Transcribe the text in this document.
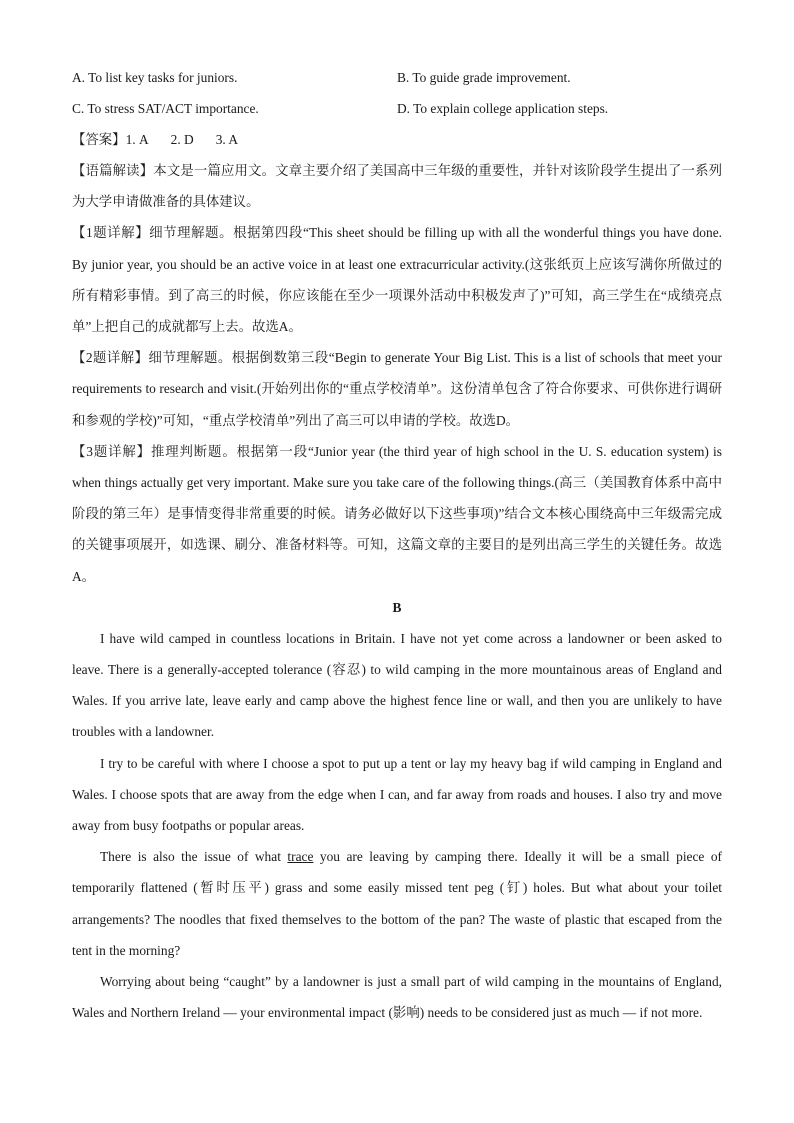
A. To list key tasks for juniors.	B. To guide grade improvement.
C. To stress SAT/ACT importance.	D. To explain college application steps.
【答案】1. A 2. D 3. A
【语篇解读】本文是一篇应用文。文章主要介绍了美国高中三年级的重要性，并针对该阶段学生提出了一系列为大学申请做准备的具体建议。
【1题详解】细节理解题。根据第四段“This sheet should be filling up with all the wonderful things you have done. By junior year, you should be an active voice in at least one extracurricular activity.(这张纸页上应该写满你所做过的所有精彩事情。到了高三的时候，你应该能在至少一项课外活动中积极发声了)”可知，高三学生在“成绩亮点单”上把自己的成就都写上去。故选A。
【2题详解】细节理解题。根据倒数第三段“Begin to generate Your Big List. This is a list of schools that meet your requirements to research and visit.(开始列出你的“重点学校清单”。这份清单包含了符合你要求、可供你进行调研和参观的学校)”可知，“重点学校清单”列出了高三可以申请的学校。故选D。
【3题详解】推理判断题。根据第一段“Junior year (the third year of high school in the U. S. education system) is when things actually get very important. Make sure you take care of the following things.(高三（美国教育体系中高中阶段的第三年）是事情变得非常重要的时候。请务必做好以下这些事项)”结合文本核心围绕高中三年级需完成的关键事项展开，如选课、刷分、准备材料等。可知，这篇文章的主要目的是列出高三学生的关键任务。故选A。
B
I have wild camped in countless locations in Britain. I have not yet come across a landowner or been asked to leave. There is a generally-accepted tolerance (容忍) to wild camping in the more mountainous areas of England and Wales. If you arrive late, leave early and camp above the highest fence line or wall, and then you are unlikely to have troubles with a landowner.
I try to be careful with where I choose a spot to put up a tent or lay my heavy bag if wild camping in England and Wales. I choose spots that are away from the edge when I can, and far away from roads and houses. I also try and move away from busy footpaths or popular areas.
There is also the issue of what trace you are leaving by camping there. Ideally it will be a small piece of temporarily flattened (暂时压平) grass and some easily missed tent peg (钉) holes. But what about your toilet arrangements? The noodles that fixed themselves to the bottom of the pan? The waste of plastic that escaped from the tent in the morning?
Worrying about being “caught” by a landowner is just a small part of wild camping in the mountains of England, Wales and Northern Ireland — your environmental impact (影响) needs to be considered just as much — if not more.
